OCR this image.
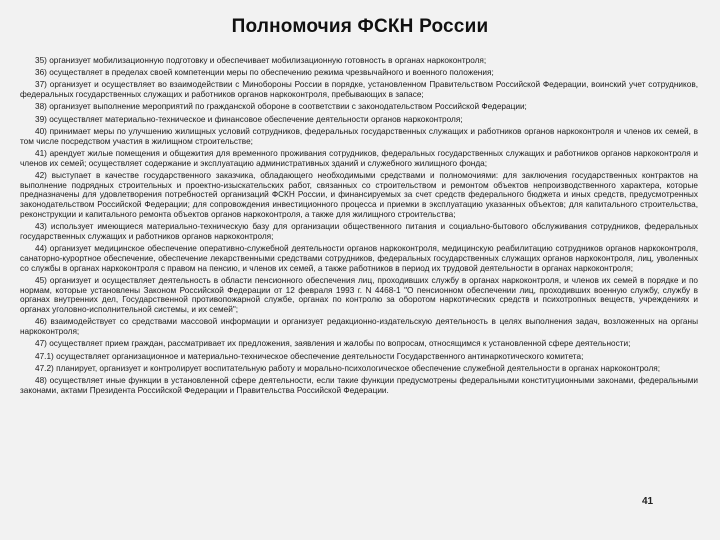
Полномочия ФСКН России

35) организует мобилизационную подготовку и обеспечивает мобилизационную готовность в органах наркоконтроля;

36) осуществляет в пределах своей компетенции меры по обеспечению режима чрезвычайного и военного положения;

37) организует и осуществляет во взаимодействии с Минобороны России в порядке, установленном Правительством Российской Федерации, воинский учет сотрудников, федеральных государственных служащих и работников органов наркоконтроля, пребывающих в запасе;

38) организует выполнение мероприятий по гражданской обороне в соответствии с законодательством Российской Федерации;

39) осуществляет материально-техническое и финансовое обеспечение деятельности органов наркоконтроля;

40) принимает меры по улучшению жилищных условий сотрудников, федеральных государственных служащих и работников органов наркоконтроля и членов их семей, в том числе посредством участия в жилищном строительстве;

41) арендует жилые помещения и общежития для временного проживания сотрудников, федеральных государственных служащих и работников органов наркоконтроля и членов их семей; осуществляет содержание и эксплуатацию административных зданий и служебного жилищного фонда;

42) выступает в качестве государственного заказчика, обладающего необходимыми средствами и полномочиями: для заключения государственных контрактов на выполнение подрядных строительных и проектно-изыскательских работ, связанных со строительством и ремонтом объектов непроизводственного характера, которые предназначены для удовлетворения потребностей организаций ФСКН России, и финансируемых за счет средств федерального бюджета и иных средств, предусмотренных законодательством Российской Федерации; для сопровождения инвестиционного процесса и приемки в эксплуатацию указанных объектов; для капитального строительства, реконструкции и капитального ремонта объектов органов наркоконтроля, а также для жилищного строительства;

43) использует имеющиеся материально-техническую базу для организации общественного питания и социально-бытового обслуживания сотрудников, федеральных государственных служащих и работников органов наркоконтроля;

44) организует медицинское обеспечение оперативно-служебной деятельности органов наркоконтроля, медицинскую реабилитацию сотрудников органов наркоконтроля, санаторно-курортное обеспечение, обеспечение лекарственными средствами сотрудников, федеральных государственных служащих органов наркоконтроля, лиц, уволенных со службы в органах наркоконтроля с правом на пенсию, и членов их семей, а также работников в период их трудовой деятельности в органах наркоконтроля;

45) организует и осуществляет деятельность в области пенсионного обеспечения лиц, проходивших службу в органах наркоконтроля, и членов их семей в порядке и по нормам, которые установлены Законом Российской Федерации от 12 февраля 1993 г. N 4468-1 "О пенсионном обеспечении лиц, проходивших военную службу, службу в органах внутренних дел, Государственной противопожарной службе, органах по контролю за оборотом наркотических средств и психотропных веществ, учреждениях и органах уголовно-исполнительной системы, и их семей";

46) взаимодействует со средствами массовой информации и организует редакционно-издательскую деятельность в целях выполнения задач, возложенных на органы наркоконтроля;

47) осуществляет прием граждан, рассматривает их предложения, заявления и жалобы по вопросам, относящимся к установленной сфере деятельности;

47.1) осуществляет организационное и материально-техническое обеспечение деятельности Государственного антинаркотического комитета;

47.2) планирует, организует и контролирует воспитательную работу и морально-психологическое обеспечение служебной деятельности в органах наркоконтроля;

48) осуществляет иные функции в установленной сфере деятельности, если такие функции предусмотрены федеральными конституционными законами, федеральными законами, актами Президента Российской Федерации и Правительства Российской Федерации.

41
